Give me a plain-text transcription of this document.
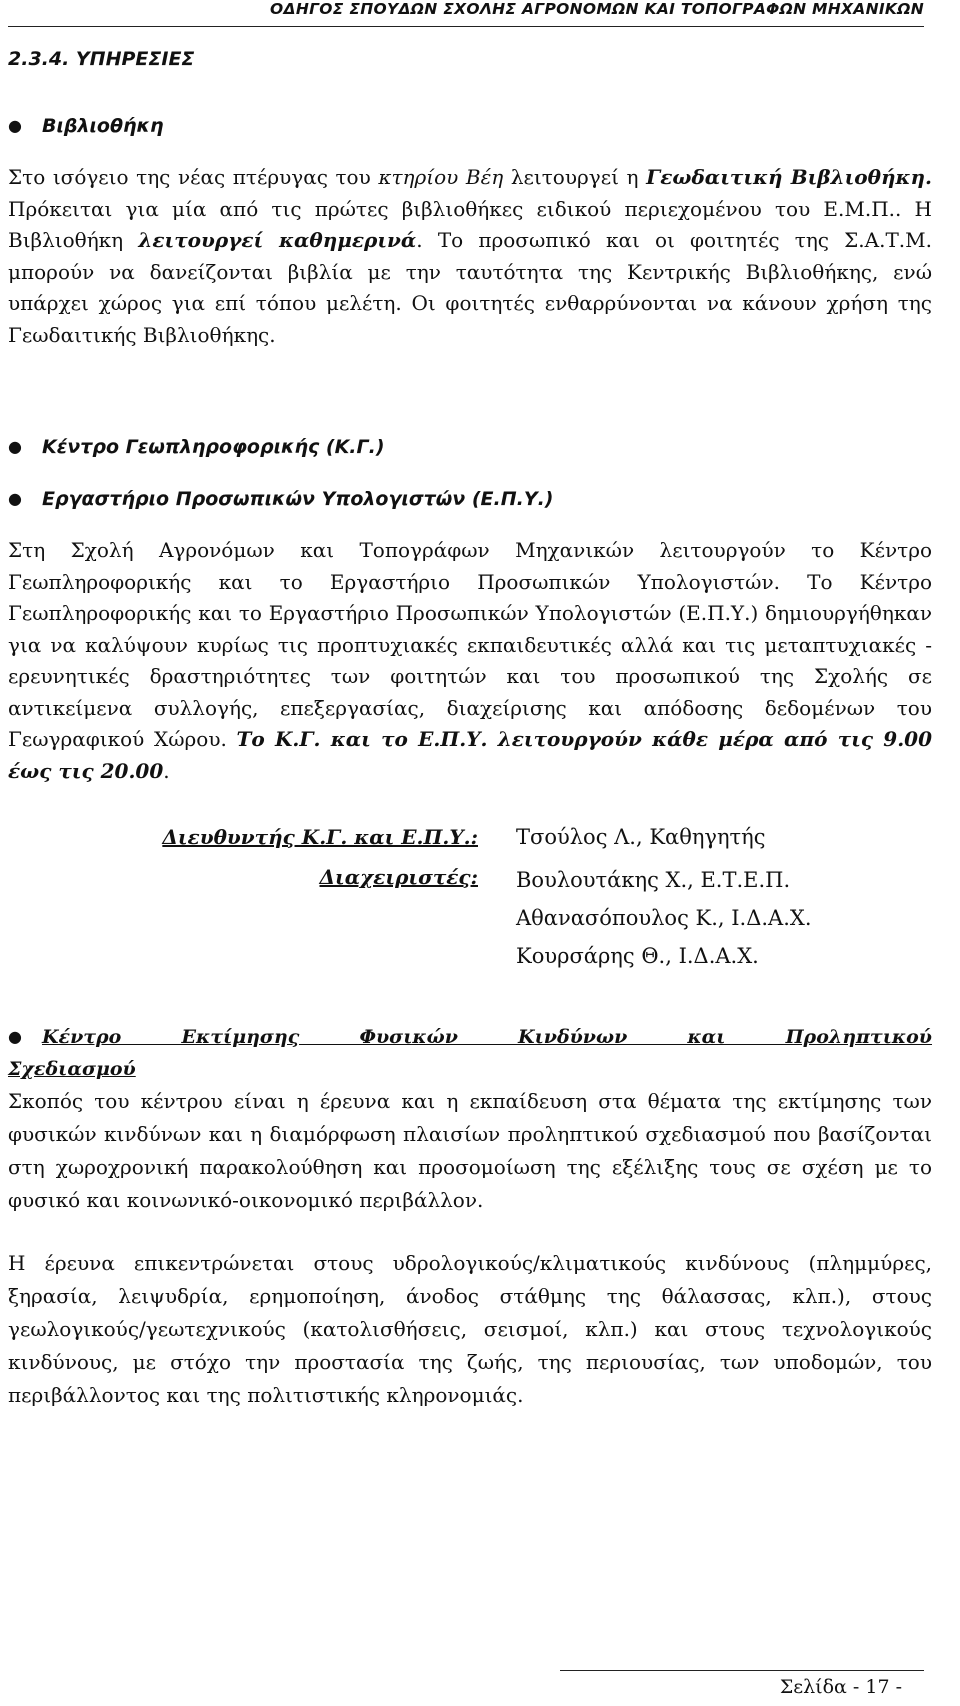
ΟΔΗΓΟΣ ΣΠΟΥΔΩΝ ΣΧΟΛΗΣ ΑΓΡΟΝΟΜΩΝ ΚΑΙ ΤΟΠΟΓΡΑΦΩΝ ΜΗΧΑΝΙΚΩΝ
2.3.4. ΥΠΗΡΕΣΙΕΣ
●	Βιβλιοθήκη

Στο ισόγειο της νέας πτέρυγας του κτηρίου Βέη λειτουργεί η Γεωδαιτική Βιβλιοθήκη. Πρόκειται για μία από τις πρώτες βιβλιοθήκες ειδικού περιεχομένου του Ε.Μ.Π.. Η Βιβλιοθήκη λειτουργεί καθημερινά. Το προσωπικό και οι φοιτητές της Σ.Α.Τ.Μ. μπορούν να δανείζονται βιβλία με την ταυτότητα της Κεντρικής Βιβλιοθήκης, ενώ υπάρχει χώρος για επί τόπου μελέτη. Οι φοιτητές ενθαρρύνονται να κάνουν χρήση της Γεωδαιτικής Βιβλιοθήκης.

●	Κέντρο Γεωπληροφορικής (Κ.Γ.)
●	Εργαστήριο Προσωπικών Υπολογιστών (Ε.Π.Υ.)

Στη Σχολή Αγρονόμων και Τοπογράφων Μηχανικών λειτουργούν το Κέντρο Γεωπληροφορικής και το Εργαστήριο Προσωπικών Υπολογιστών. Το Κέντρο Γεωπληροφορικής και το Εργαστήριο Προσωπικών Υπολογιστών (Ε.Π.Υ.) δημιουργήθηκαν για να καλύψουν κυρίως τις προπτυχιακές εκπαιδευτικές αλλά και τις μεταπτυχιακές - ερευνητικές δραστηριότητες των φοιτητών και του προσωπικού της Σχολής σε αντικείμενα συλλογής, επεξεργασίας, διαχείρισης και απόδοσης δεδομένων του Γεωγραφικού Χώρου. Το Κ.Γ. και το Ε.Π.Υ. λειτουργούν κάθε μέρα από τις 9.00 έως τις 20.00.

Διευθυντής Κ.Γ. και Ε.Π.Υ.: Τσούλος Λ., Καθηγητής
Διαχειριστές: Βουλουτάκης Χ., Ε.Τ.Ε.Π.
Αθανασόπουλος Κ., Ι.Δ.Α.Χ.
Κουρσάρης Θ., Ι.Δ.Α.Χ.
●	Κέντρο Εκτίμησης Φυσικών Κινδύνων και Προληπτικού
Σχεδιασμού

Σκοπός του κέντρου είναι η έρευνα και η εκπαίδευση στα θέματα της εκτίμησης των φυσικών κινδύνων και η διαμόρφωση πλαισίων προληπτικού σχεδιασμού που βασίζονται στη χωροχρονική παρακολούθηση και προσομοίωση της εξέλιξης τους σε σχέση με το φυσικό και κοινωνικό-οικονομικό περιβάλλον.

Η έρευνα επικεντρώνεται στους υδρολογικούς/κλιματικούς κινδύνους (πλημμύρες, ξηρασία, λειψυδρία, ερημοποίηση, άνοδος στάθμης της θάλασσας, κλπ.), στους γεωλογικούς/γεωτεχνικούς (κατολισθήσεις, σεισμοί, κλπ.) και στους τεχνολογικούς κινδύνους, με στόχο την προστασία της ζωής, της περιουσίας, των υποδομών, του περιβάλλοντος και της πολιτιστικής κληρονομιάς.

Σελίδα - 17 -
